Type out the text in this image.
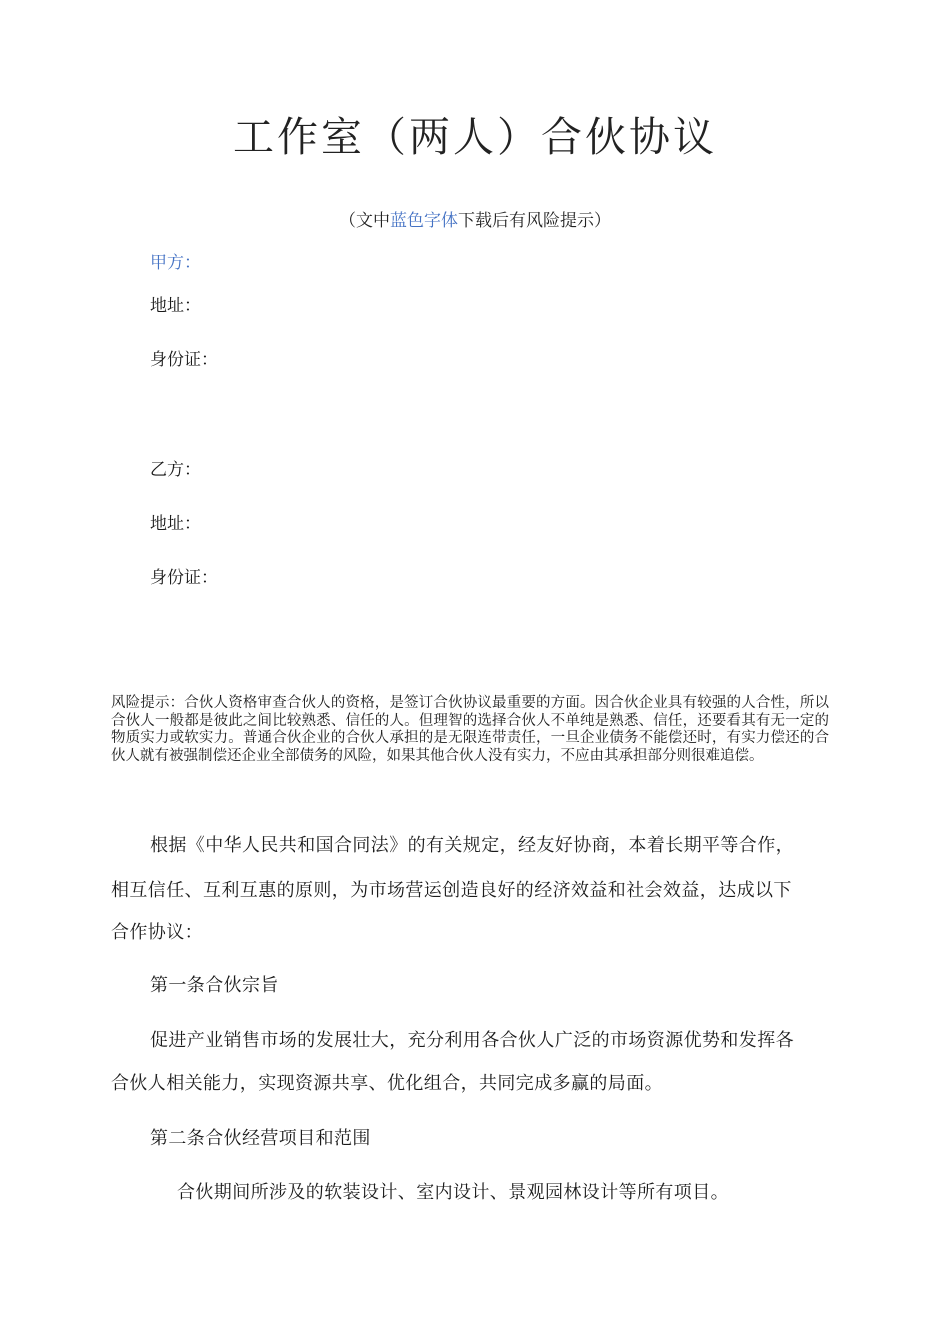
工作室（两人）合伙协议
（文中蓝色字体下载后有风险提示）
甲方：
地址：
身份证：
乙方：
地址：
身份证：
风险提示：合伙人资格审查合伙人的资格，是签订合伙协议最重要的方面。因合伙企业具有较强的人合性，所以合伙人一般都是彼此之间比较熟悉、信任的人。但理智的选择合伙人不单纯是熟悉、信任，还要看其有无一定的物质实力或软实力。普通合伙企业的合伙人承担的是无限连带责任，一旦企业债务不能偿还时，有实力偿还的合伙人就有被强制偿还企业全部债务的风险，如果其他合伙人没有实力，不应由其承担部分则很难追偿。
根据《中华人民共和国合同法》的有关规定，经友好协商，本着长期平等合作，
相互信任、互利互惠的原则，为市场营运创造良好的经济效益和社会效益，达成以下
合作协议：
第一条合伙宗旨
促进产业销售市场的发展壮大，充分利用各合伙人广泛的市场资源优势和发挥各
合伙人相关能力，实现资源共享、优化组合，共同完成多赢的局面。
第二条合伙经营项目和范围
合伙期间所涉及的软装设计、室内设计、景观园林设计等所有项目。
